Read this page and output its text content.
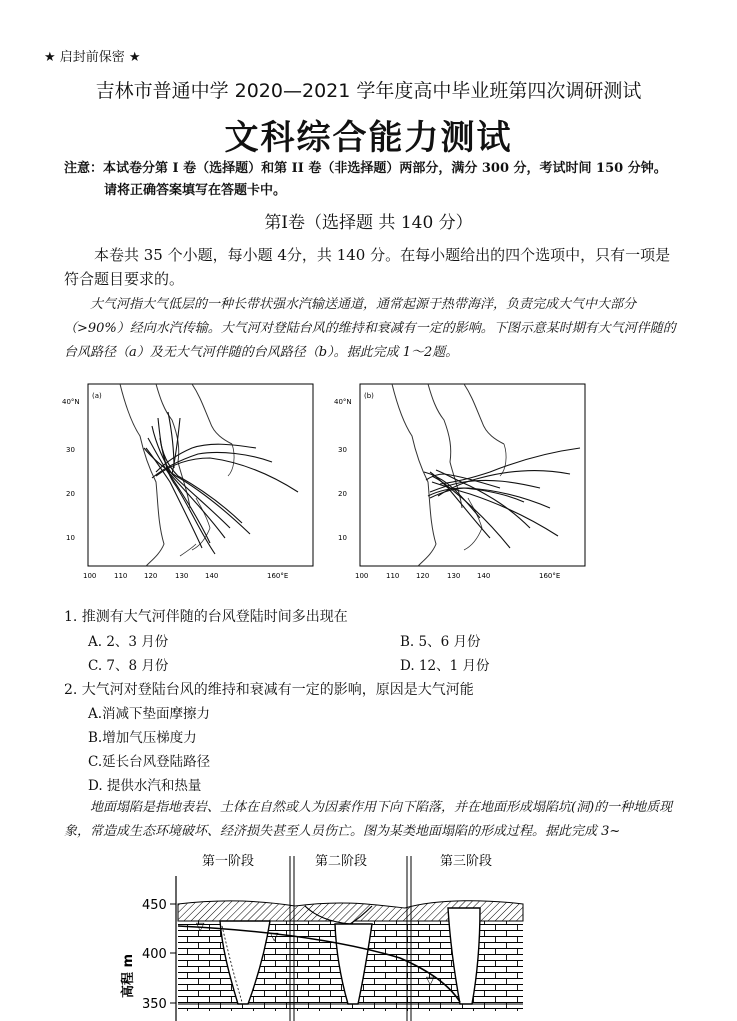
★ 启封前保密 ★
吉林市普通中学 2020—2021 学年度高中毕业班第四次调研测试
文科综合能力测试
注意：本试卷分第 I 卷（选择题）和第 II 卷（非选择题）两部分，满分 300 分，考试时间 150 分钟。
请将正确答案填写在答题卡中。
第Ⅰ卷（选择题 共 140 分）
本卷共 35 个小题，每小题 4分，共 140 分。在每小题给出的四个选项中，只有一项是符合题目要求的。
大气河指大气低层的一种长带状强水汽输送通道，通常起源于热带海洋，负责完成大气中大部分（>90%）经向水汽传输。大气河对登陆台风的维持和衰减有一定的影响。下图示意某时期有大气河伴随的台风路径（a）及无大气河伴随的台风路径（b）。据此完成 1～2题。
40°N
30
20
10
100	110 120	130 140	160°E
(a)
40°N
30
20
10
100	110 120	130 140	160°E
(b)
1. 推测有大气河伴随的台风登陆时间多出现在
A. 2、3 月份	B. 5、6 月份
C. 7、8 月份	D. 12、1 月份
2. 大气河对登陆台风的维持和衰减有一定的影响，原因是大气河能
A.消减下垫面摩擦力
B.增加气压梯度力
C.延长台风登陆路径
D. 提供水汽和热量
地面塌陷是指地表岩、土体在自然或人为因素作用下向下陷落，并在地面形成塌陷坑(洞)的一种地质现象，常造成生态环境破坏、经济损失甚至人员伤亡。图为某类地面塌陷的形成过程。据此完成 3~
第一阶段	第二阶段	第三阶段
450
400
350
高程 m
▽
▽
▽
